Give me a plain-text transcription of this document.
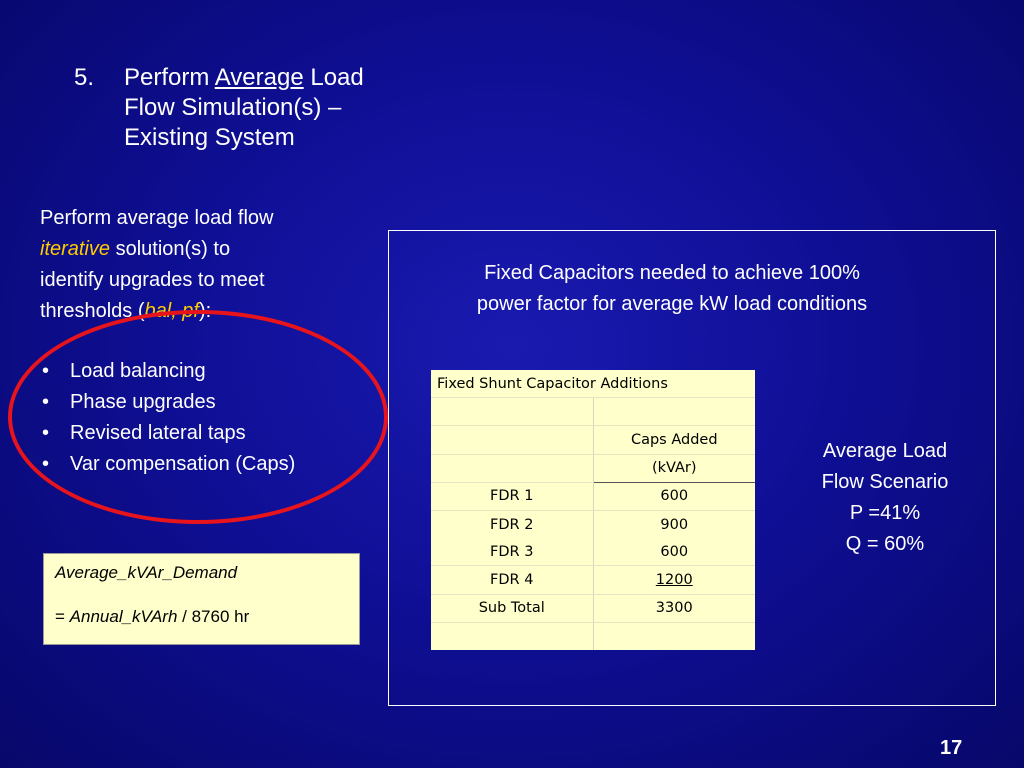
5. Perform Average Load
Flow Simulation(s) –
Existing System
Perform average load flow
iterative solution(s) to
identify upgrades to meet
thresholds (bal, pf):
• Load balancing
• Phase upgrades
• Revised lateral taps
• Var compensation (Caps)
Average_kVAr_Demand
= Annual_kVArh / 8760 hr
Fixed Capacitors needed to achieve 100%
power factor for average kW load conditions
Fixed Shunt Capacitor Additions	

	Caps Added
	(kVAr)
FDR 1	600
FDR 2	900
FDR 3	600
FDR 4	1200
Sub Total	3300

Average Load
Flow Scenario
P =41%
Q = 60%
17
